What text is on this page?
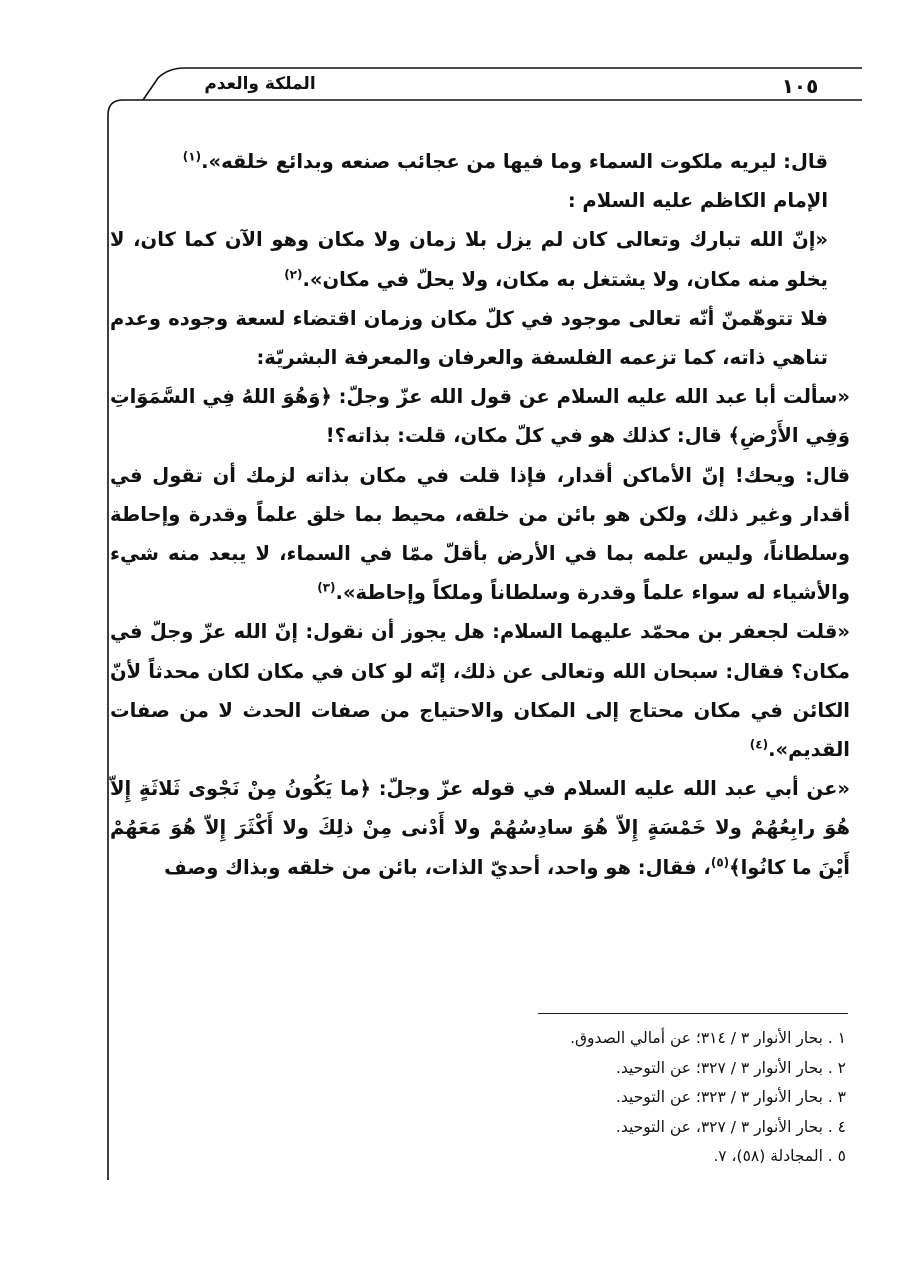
الملكة والعدم	١٠٥

قال: ليريه ملكوت السماء وما فيها من عجائب صنعه وبدائع خلقه».$^{(١)}$

الإمام الكاظم عليه السلام :

«إنّ الله تبارك وتعالى كان لم يزل بلا زمان ولا مكان وهو الآن كما كان، لا يخلو منه مكان، ولا يشتغل به مكان، ولا يحلّ في مكان».$^{(٢)}$

فلا تتوهّمنّ أنّه تعالى موجود في كلّ مكان وزمان اقتضاء لسعة وجوده وعدم تناهي ذاته، كما تزعمه الفلسفة والعرفان والمعرفة البشريّة:

«سألت أبا عبد الله عليه السلام عن قول الله عزّ وجلّ: ﴿وَهُوَ اللهُ فِي السَّمَوَاتِ وَفِي الأَرْضِ﴾ قال: كذلك هو في كلّ مكان، قلت: بذاته؟!

قال: ويحك! إنّ الأماكن أقدار، فإذا قلت في مكان بذاته لزمك أن تقول في أقدار وغير ذلك، ولكن هو بائن من خلقه، محيط بما خلق علماً وقدرة وإحاطة وسلطاناً، وليس علمه بما في الأرض بأقلّ ممّا في السماء، لا يبعد منه شيء والأشياء له سواء علماً وقدرة وسلطاناً وملكاً وإحاطة».$^{(٣)}$

«قلت لجعفر بن محمّد عليهما السلام: هل يجوز أن نقول: إنّ الله عزّ وجلّ في مكان؟ فقال: سبحان الله وتعالى عن ذلك، إنّه لو كان في مكان لكان محدثاً لأنّ الكائن في مكان محتاج إلى المكان والاحتياج من صفات الحدث لا من صفات القديم».$^{(٤)}$

«عن أبي عبد الله عليه السلام في قوله عزّ وجلّ: ﴿ما يَكُونُ مِنْ نَجْوى ثَلاثَةٍ إِلاّ هُوَ رابِعُهُمْ ولا خَمْسَةٍ إِلاّ هُوَ سادِسُهُمْ ولا أَدْنى مِنْ ذلِكَ ولا أَكْثَرَ إِلاّ هُوَ مَعَهُمْ أَيْنَ ما كانُوا﴾$^{(٥)}$، فقال: هو واحد، أحديّ الذات، بائن من خلقه وبذاك وصف

١ . بحار الأنوار ٣ / ٣١٤؛ عن أمالي الصدوق.
٢ . بحار الأنوار ٣ / ٣٢٧؛ عن التوحيد.
٣ . بحار الأنوار ٣ / ٣٢٣؛ عن التوحيد.
٤ . بحار الأنوار ٣ / ٣٢٧، عن التوحيد.
٥ . المجادلة (٥٨)، ٧.
